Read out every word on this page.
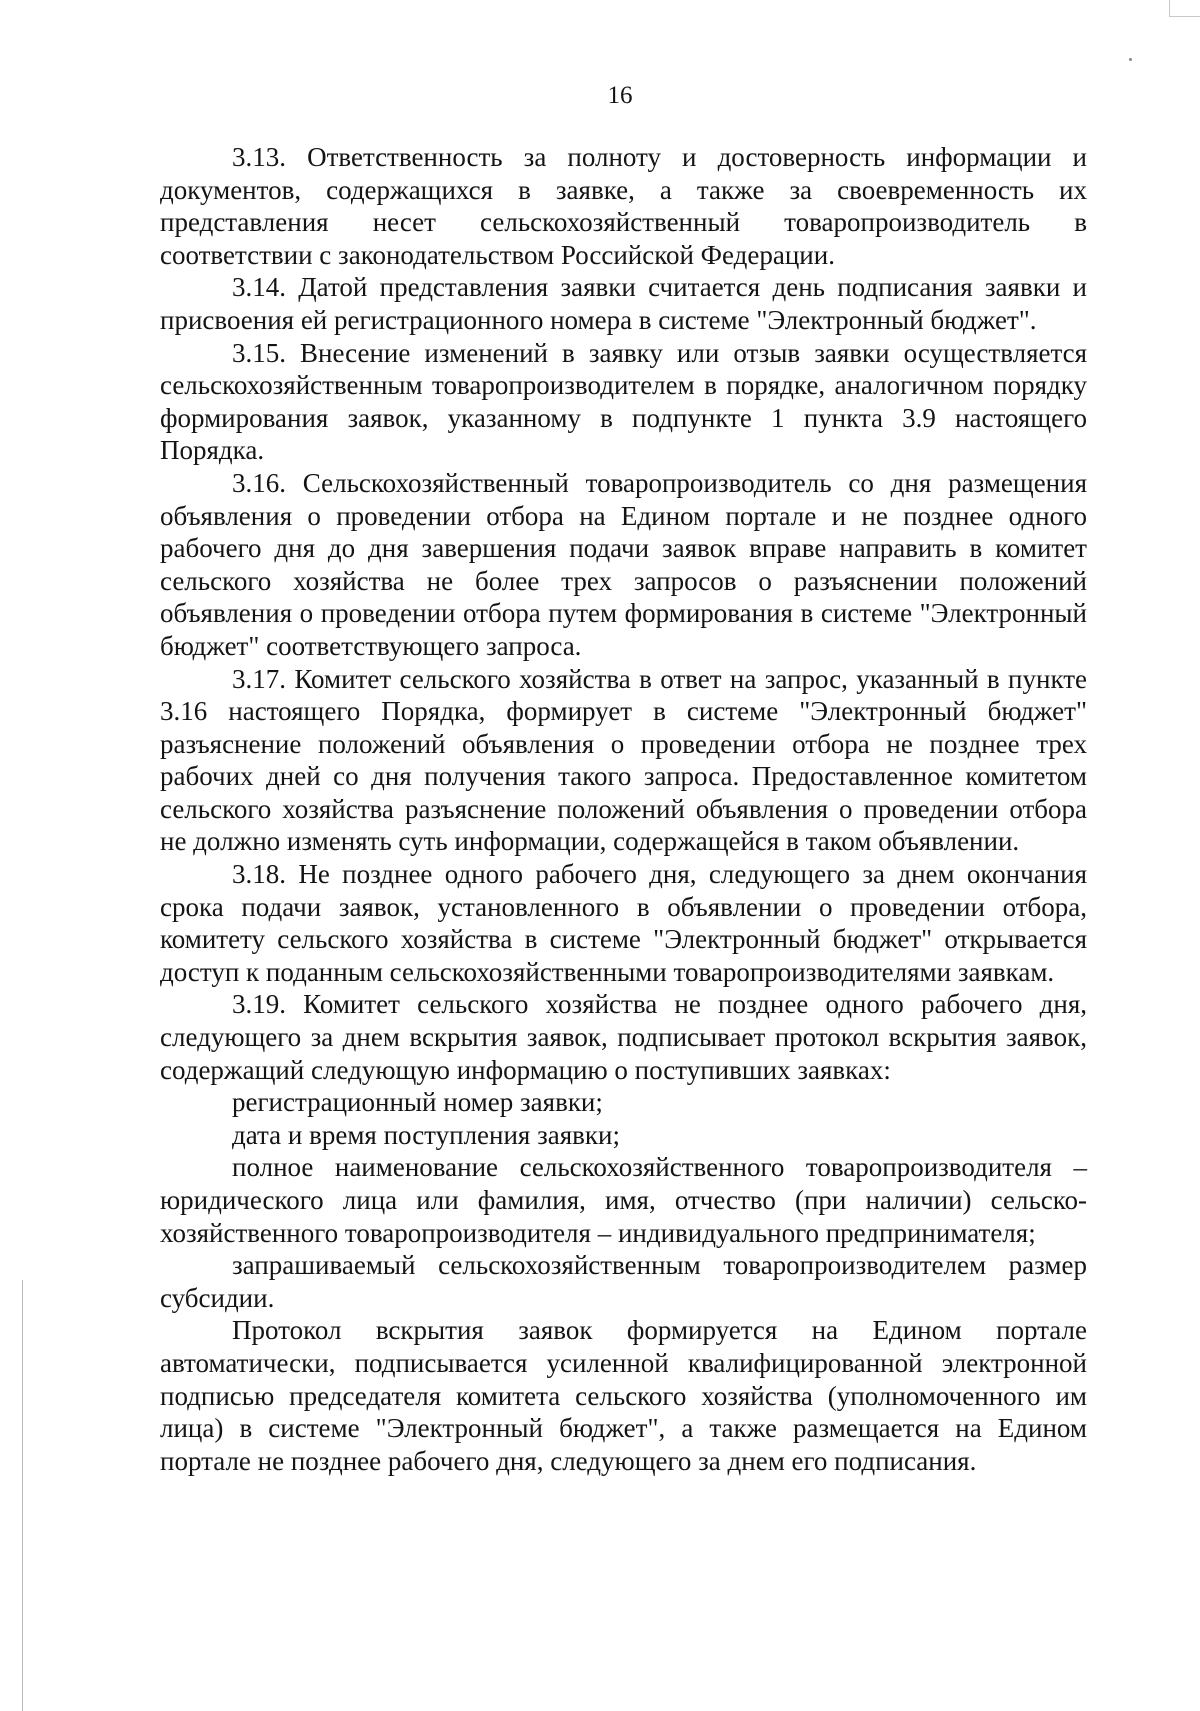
16

3.13. Ответственность за полноту и достоверность информации и документов, содержащихся в заявке, а также за своевременность их представления несет сельскохозяйственный товаропроизводитель в соответствии с законодательством Российской Федерации.

3.14. Датой представления заявки считается день подписания заявки и присвоения ей регистрационного номера в системе "Электронный бюджет".

3.15. Внесение изменений в заявку или отзыв заявки осуществляется сельскохозяйственным товаропроизводителем в порядке, аналогичном порядку формирования заявок, указанному в подпункте 1 пункта 3.9 настоящего Порядка.

3.16. Сельскохозяйственный товаропроизводитель со дня размещения объявления о проведении отбора на Едином портале и не позднее одного рабочего дня до дня завершения подачи заявок вправе направить в комитет сельского хозяйства не более трех запросов о разъяснении положений объявления о проведении отбора путем формирования в системе "Электронный бюджет" соответствующего запроса.

3.17. Комитет сельского хозяйства в ответ на запрос, указанный в пункте 3.16 настоящего Порядка, формирует в системе "Электронный бюджет" разъяснение положений объявления о проведении отбора не позднее трех рабочих дней со дня получения такого запроса. Предоставленное комитетом сельского хозяйства разъяснение положений объявления о проведении отбора не должно изменять суть информации, содержащейся в таком объявлении.

3.18. Не позднее одного рабочего дня, следующего за днем окончания срока подачи заявок, установленного в объявлении о проведении отбора, комитету сельского хозяйства в системе "Электронный бюджет" открывается доступ к поданным сельскохозяйственными товаропроизводителями заявкам.

3.19. Комитет сельского хозяйства не позднее одного рабочего дня, следующего за днем вскрытия заявок, подписывает протокол вскрытия заявок, содержащий следующую информацию о поступивших заявках:

регистрационный номер заявки;

дата и время поступления заявки;

полное наименование сельскохозяйственного товаропроизводителя – юридического лица или фамилия, имя, отчество (при наличии) сельскохозяйственного товаропроизводителя – индивидуального предпринимателя;

запрашиваемый сельскохозяйственным товаропроизводителем размер субсидии.

Протокол вскрытия заявок формируется на Едином портале автоматически, подписывается усиленной квалифицированной электронной подписью председателя комитета сельского хозяйства (уполномоченного им лица) в системе "Электронный бюджет", а также размещается на Едином портале не позднее рабочего дня, следующего за днем его подписания.
